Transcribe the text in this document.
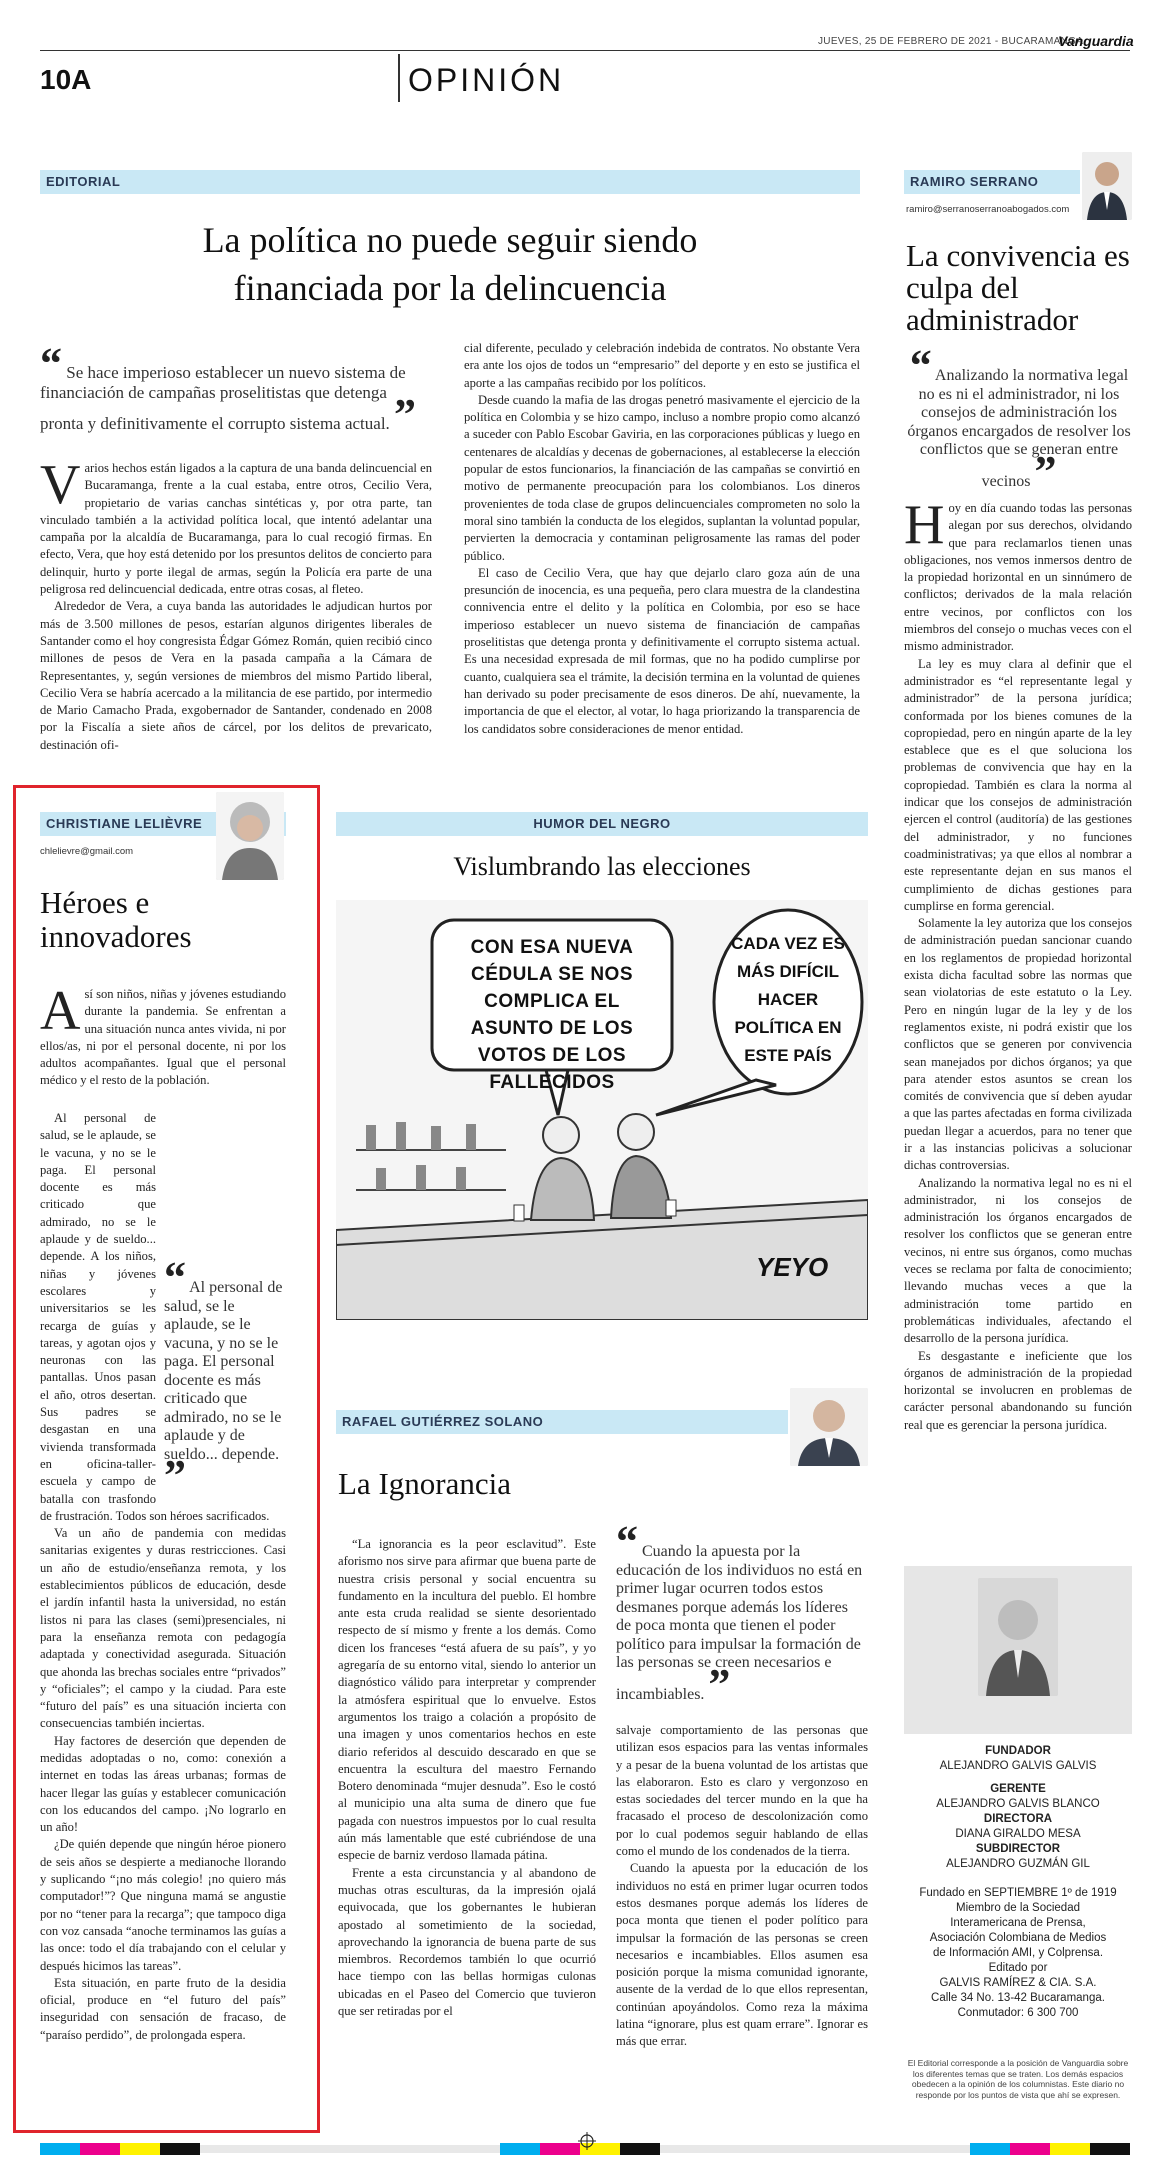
JUEVES, 25 DE FEBRERO DE 2021 - BUCARAMANGA
Vanguardia
10A	OPINIÓN
EDITORIAL
La política no puede seguir siendo
financiada por la delincuencia
“ Se hace imperioso establecer un nuevo sistema de financiación de campañas proselitistas que detenga pronta y definitivamente el corrupto sistema actual. ”

Varios hechos están ligados a la captura de una banda delincuencial en Bucaramanga, frente a la cual estaba, entre otros, Cecilio Vera, propietario de varias canchas sintéticas y, por otra parte, tan vinculado también a la actividad política local, que intentó adelantar una campaña por la alcaldía de Bucaramanga, para lo cual recogió firmas. En efecto, Vera, que hoy está detenido por los presuntos delitos de concierto para delinquir, hurto y porte ilegal de armas, según la Policía era parte de una peligrosa red delincuencial dedicada, entre otras cosas, al fleteo.

Alrededor de Vera, a cuya banda las autoridades le adjudican hurtos por más de 3.500 millones de pesos, estarían algunos dirigentes liberales de Santander como el hoy congresista Édgar Gómez Román, quien recibió cinco millones de pesos de Vera en la pasada campaña a la Cámara de Representantes, y, según versiones de miembros del mismo Partido liberal, Cecilio Vera se habría acercado a la militancia de ese partido, por intermedio de Mario Camacho Prada, exgobernador de Santander, condenado en 2008 por la Fiscalía a siete años de cárcel, por los delitos de prevaricato, destinación ofi-

cial diferente, peculado y celebración indebida de contratos. No obstante Vera era ante los ojos de todos un “empresario” del deporte y en esto se justifica el aporte a las campañas recibido por los políticos.

Desde cuando la mafia de las drogas penetró masivamente el ejercicio de la política en Colombia y se hizo campo, incluso a nombre propio como alcanzó a suceder con Pablo Escobar Gaviria, en las corporaciones públicas y luego en centenares de alcaldías y decenas de gobernaciones, al establecerse la elección popular de estos funcionarios, la financiación de las campañas se convirtió en motivo de permanente preocupación para los colombianos. Los dineros provenientes de toda clase de grupos delincuenciales comprometen no solo la moral sino también la conducta de los elegidos, suplantan la voluntad popular, pervierten la democracia y contaminan peligrosamente las ramas del poder público.

El caso de Cecilio Vera, que hay que dejarlo claro goza aún de una presunción de inocencia, es una pequeña, pero clara muestra de la clandestina connivencia entre el delito y la política en Colombia, por eso se hace imperioso establecer un nuevo sistema de financiación de campañas proselitistas que detenga pronta y definitivamente el corrupto sistema actual. Es una necesidad expresada de mil formas, que no ha podido cumplirse por cuanto, cualquiera sea el trámite, la decisión termina en la voluntad de quienes han derivado su poder precisamente de esos dineros. De ahí, nuevamente, la importancia de que el elector, al votar, lo haga priorizando la transparencia de los candidatos sobre consideraciones de menor entidad.

RAMIRO SERRANO
ramiro@serranoserranoabogados.com
La convivencia es culpa del administrador
“ Analizando la normativa legal no es ni el administrador, ni los consejos de administración los órganos encargados de resolver los conflictos que se generan entre vecinos ”

Hoy en día cuando todas las personas alegan por sus derechos, olvidando que para reclamarlos tienen unas obligaciones, nos vemos inmersos dentro de la propiedad horizontal en un sinnúmero de conflictos; derivados de la mala relación entre vecinos, por conflictos con los miembros del consejo o muchas veces con el mismo administrador.

La ley es muy clara al definir que el administrador es “el representante legal y administrador” de la persona jurídica; conformada por los bienes comunes de la copropiedad, pero en ningún aparte de la ley establece que es el que soluciona los problemas de convivencia que hay en la copropiedad. También es clara la norma al indicar que los consejos de administración ejercen el control (auditoría) de las gestiones del administrador, y no funciones coadministrativas; ya que ellos al nombrar a este representante dejan en sus manos el cumplimiento de dichas gestiones para cumplirse en forma gerencial.

Solamente la ley autoriza que los consejos de administración puedan sancionar cuando en los reglamentos de propiedad horizontal exista dicha facultad sobre las normas que sean violatorias de este estatuto o la Ley. Pero en ningún lugar de la ley y de los reglamentos existe, ni podrá existir que los conflictos que se generen por convivencia sean manejados por dichos órganos; ya que para atender estos asuntos se crean los comités de convivencia que sí deben ayudar a que las partes afectadas en forma civilizada puedan llegar a acuerdos, para no tener que ir a las instancias policivas a solucionar dichas controversias.

Analizando la normativa legal no es ni el administrador, ni los consejos de administración los órganos encargados de resolver los conflictos que se generan entre vecinos, ni entre sus órganos, como muchas veces se reclama por falta de conocimiento; llevando muchas veces a que la administración tome partido en problemáticas individuales, afectando el desarrollo de la persona jurídica.

Es desgastante e ineficiente que los órganos de administración de la propiedad horizontal se involucren en problemas de carácter personal abandonando su función real que es gerenciar la persona jurídica.

CHRISTIANE LELIÈVRE
chlelievre@gmail.com
Héroes e innovadores

Así son niños, niñas y jóvenes estudiando durante la pandemia. Se enfrentan a una situación nunca antes vivida, ni por ellos/as, ni por el personal docente, ni por los adultos acompañantes. Igual que el personal médico y el resto de la población.

“ Al personal de salud, se le aplaude, se le vacuna, y no se le paga. El personal docente es más criticado que admirado, no se le aplaude y de sueldo... depende. ”

Al personal de salud, se le aplaude, se le vacuna, y no se le paga. El personal docente es más criticado que admirado, no se le aplaude y de sueldo... depende. A los niños, niñas y jóvenes escolares y universitarios se les recarga de guías y tareas, y agotan ojos y neuronas con las pantallas. Unos pasan el año, otros desertan. Sus padres se desgastan en una vivienda transformada en oficina-taller-escuela y campo de batalla con trasfondo de frustración. Todos son héroes sacrificados.

Va un año de pandemia con medidas sanitarias exigentes y duras restricciones. Casi un año de estudio/enseñanza remota, y los establecimientos públicos de educación, desde el jardín infantil hasta la universidad, no están listos ni para las clases (semi)presenciales, ni para la enseñanza remota con pedagogía adaptada y conectividad asegurada. Situación que ahonda las brechas sociales entre “privados” y “oficiales”; el campo y la ciudad. Para este “futuro del país” es una situación incierta con consecuencias también inciertas.

Hay factores de deserción que dependen de medidas adoptadas o no, como: conexión a internet en todas las áreas urbanas; formas de hacer llegar las guías y establecer comunicación con los educandos del campo. ¡No lograrlo en un año!

¿De quién depende que ningún héroe pionero de seis años se despierte a medianoche llorando y suplicando “¡no más colegio! ¡no quiero más computador!”? Que ninguna mamá se angustie por no “tener para la recarga”; que tampoco diga con voz cansada “anoche terminamos las guías a las once: todo el día trabajando con el celular y después hicimos las tareas”.

Esta situación, en parte fruto de la desidia oficial, produce en “el futuro del país” inseguridad con sensación de fracaso, de “paraíso perdido”, de prolongada espera.

HUMOR DEL NEGRO
Vislumbrando las elecciones
CON ESA NUEVA CÉDULA SE NOS COMPLICA EL ASUNTO DE LOS VOTOS DE LOS FALLECIDOS
CADA VEZ ES MÁS DIFÍCIL HACER POLÍTICA EN ESTE PAÍS
YEYO
RAFAEL GUTIÉRREZ SOLANO
La Ignorancia

“La ignorancia es la peor esclavitud”. Este aforismo nos sirve para afirmar que buena parte de nuestra crisis personal y social encuentra su fundamento en la incultura del pueblo. El hombre ante esta cruda realidad se siente desorientado respecto de sí mismo y frente a los demás. Como dicen los franceses “está afuera de su país”, y yo agregaría de su entorno vital, siendo lo anterior un diagnóstico válido para interpretar y comprender la atmósfera espiritual que lo envuelve. Estos argumentos los traigo a colación a propósito de una imagen y unos comentarios hechos en este diario referidos al descuido descarado en que se encuentra la escultura del maestro Fernando Botero denominada “mujer desnuda”. Eso le costó al municipio una alta suma de dinero que fue pagada con nuestros impuestos por lo cual resulta aún más lamentable que esté cubriéndose de una especie de barniz verdoso llamada pátina.

Frente a esta circunstancia y al abandono de muchas otras esculturas, da la impresión ojalá equivocada, que los gobernantes le hubieran apostado al sometimiento de la sociedad, aprovechando la ignorancia de buena parte de sus miembros. Recordemos también lo que ocurrió hace tiempo con las bellas hormigas culonas ubicadas en el Paseo del Comercio que tuvieron que ser retiradas por el

“ Cuando la apuesta por la educación de los individuos no está en primer lugar ocurren todos estos desmanes porque además los líderes de poca monta que tienen el poder político para impulsar la formación de las personas se creen necesarios e incambiables. ”

salvaje comportamiento de las personas que utilizan esos espacios para las ventas informales y a pesar de la buena voluntad de los artistas que las elaboraron. Esto es claro y vergonzoso en estas sociedades del tercer mundo en la que ha fracasado el proceso de descolonización como por lo cual podemos seguir hablando de ellas como el mundo de los condenados de la tierra.

Cuando la apuesta por la educación de los individuos no está en primer lugar ocurren todos estos desmanes porque además los líderes de poca monta que tienen el poder político para impulsar la formación de las personas se creen necesarios e incambiables. Ellos asumen esa posición porque la misma comunidad ignorante, ausente de la verdad de lo que ellos representan, continúan apoyándolos. Como reza la máxima latina “ignorare, plus est quam errare”. Ignorar es más que errar.

FUNDADOR
ALEJANDRO GALVIS GALVIS
GERENTE
ALEJANDRO GALVIS BLANCO
DIRECTORA
DIANA GIRALDO MESA
SUBDIRECTOR
ALEJANDRO GUZMÁN GIL
Fundado en SEPTIEMBRE 1º de 1919
Miembro de la Sociedad
Interamericana de Prensa,
Asociación Colombiana de Medios
de Información AMI, y Colprensa.
Editado por
GALVIS RAMÍREZ & CIA. S.A.
Calle 34 No. 13-42 Bucaramanga.
Conmutador: 6 300 700
El Editorial corresponde a la posición de Vanguardia sobre los diferentes temas que se traten. Los demás espacios obedecen a la opinión de los columnistas. Este diario no responde por los puntos de vista que ahí se expresen.
